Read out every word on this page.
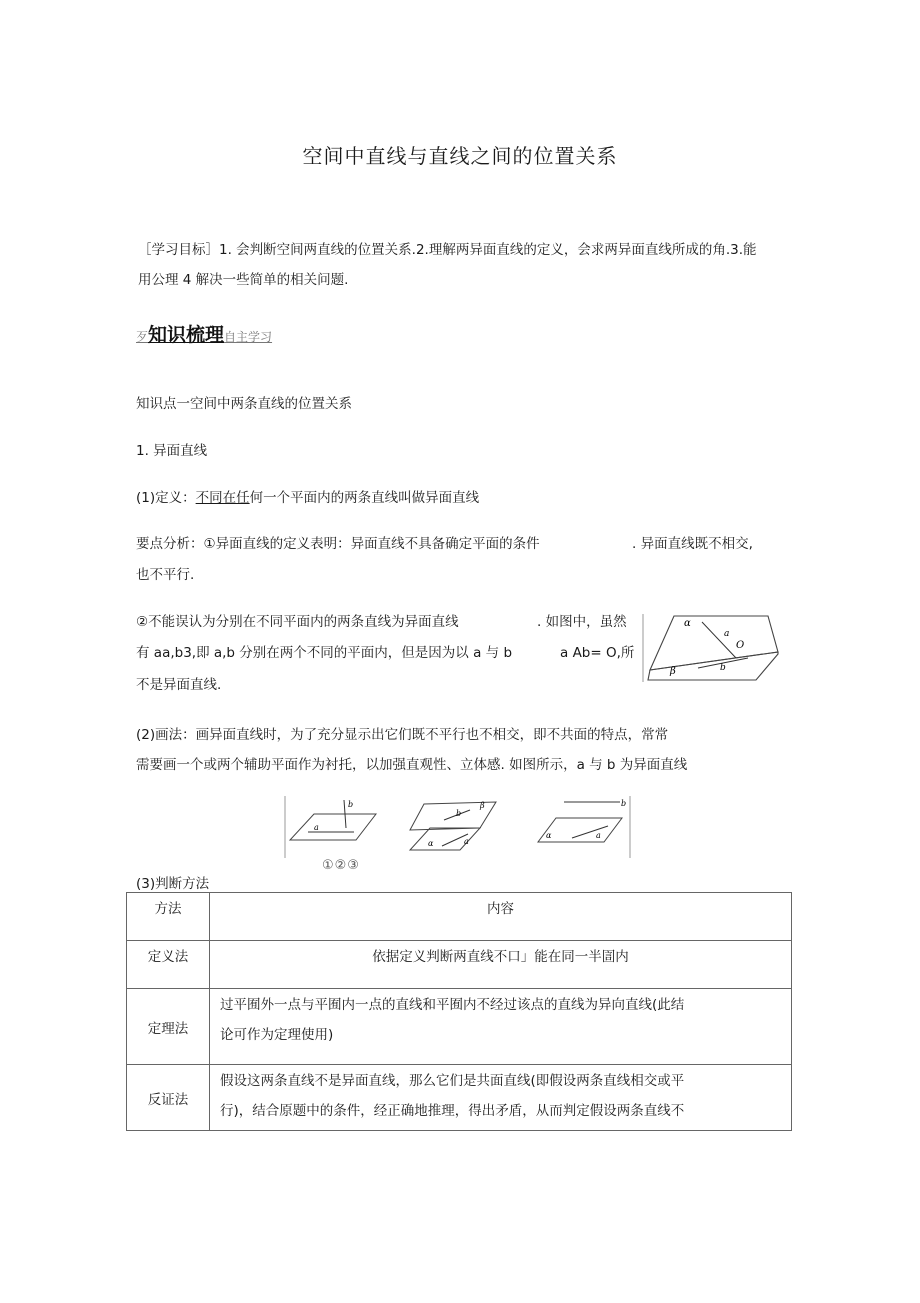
空间中直线与直线之间的位置关系
［学习目标］1. 会判断空间两直线的位置关系.2.理解两异面直线的定义，会求两异面直线所成的角.3.能
用公理 4 解决一些简单的相关问题.
歹知识梳理自主学习
知识点一空间中两条直线的位置关系
1. 异面直线
(1)定义：不同在任何一个平面内的两条直线叫做异面直线
要点分析：①异面直线的定义表明：异面直线不具备确定平面的条件	. 异面直线既不相交,
也不平行.
②不能误认为分别在不同平面内的两条直线为异面直线	. 如图中，虽然
有 aa,b3,即 a,b 分别在两个不同的平面内，但是因为以 a 与 b	a Ab= O,所
不是异面直线.
α
a
O
β	b
(2)画法：画异面直线时，为了充分显示出它们既不平行也不相交，即不共面的特点，常常
需要画一个或两个辅助平面作为衬托，以加强直观性、立体感. 如图所示，a 与 b 为异面直线
b
a
b
β
α	a
b
α	a
①②③
(3)判断方法
方法	内容
定义法	依据定义判断两直线不口」能在同一半圁内
定理法	过平囿外一点与平囿内一点的直线和平囿内不经过该点的直线为异向直线(此结
论可作为定理使用)

反证法	假设这两条直线不是异面直线，那么它们是共面直线(即假设两条直线相交或平
行)，结合原题中的条件，经正确地推理，得出矛盾，从而判定假设两条直线不
